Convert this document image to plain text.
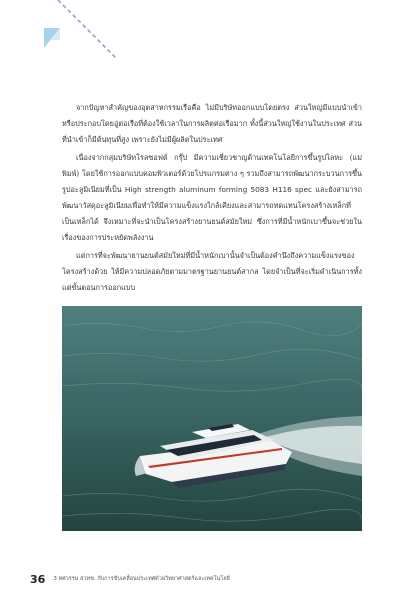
จากปัญหาสำคัญของอุตสาหกรรมเรือคือ ไม่มีบริษัทออกแบบโดยตรง ส่วนใหญ่มีแบบนำเข้า หรือประกอบโดยอู่ต่อเรือที่ต้องใช้เวลาในการผลิตต่อเรือมาก ทั้งนี้ส่วนใหญ่ใช้งานในประเทศ ส่วนที่นำเข้าก็มีต้นทุนที่สูง เพราะยังไม่มีผู้ผลิตในประเทศ

เนื่องจากกลุ่มบริษัทโรลซอฟต์ กรุ๊ป มีความเชี่ยวชาญด้านเทคโนโลยีการขึ้นรูปโลหะ (แม่พิมพ์) โดยใช้การออกแบบคอมพิวเตอร์ด้วยโปรแกรมต่าง ๆ รวมถึงสามารถพัฒนากระบวนการขึ้นรูปอะลูมิเนียมที่เป็น High strength aluminum forming 5083 H116 spec และยังสามารถพัฒนาวัสดุอะลูมิเนียมเพื่อทำให้มีความแข็งแรงใกล้เคียงและสามารถทดแทนโครงสร้างเหล็กที่เป็นเหล็กได้ จึงเหมาะที่จะนำเป็นโครงสร้างยานยนต์สมัยใหม่ ซึ่งการที่มีน้ำหนักเบาขึ้นจะช่วยในเรื่องของการประหยัดพลังงาน

แต่การที่จะพัฒนายานยนต์สมัยใหม่ที่มีน้ำหนักเบานั้นจำเป็นต้องคำนึงถึงความแข็งแรงของโครงสร้างด้วย ให้มีความปลอดภัยตามมาตรฐานยานยนต์สากล โดยจำเป็นที่จะเริ่มดำเนินการทั้งแต่ขั้นตอนการออกแบบ

36 3 ทศวรรษ สวทช. กับการขับเคลื่อนประเทศด้วยวิทยาศาสตร์และเทคโนโลยี
